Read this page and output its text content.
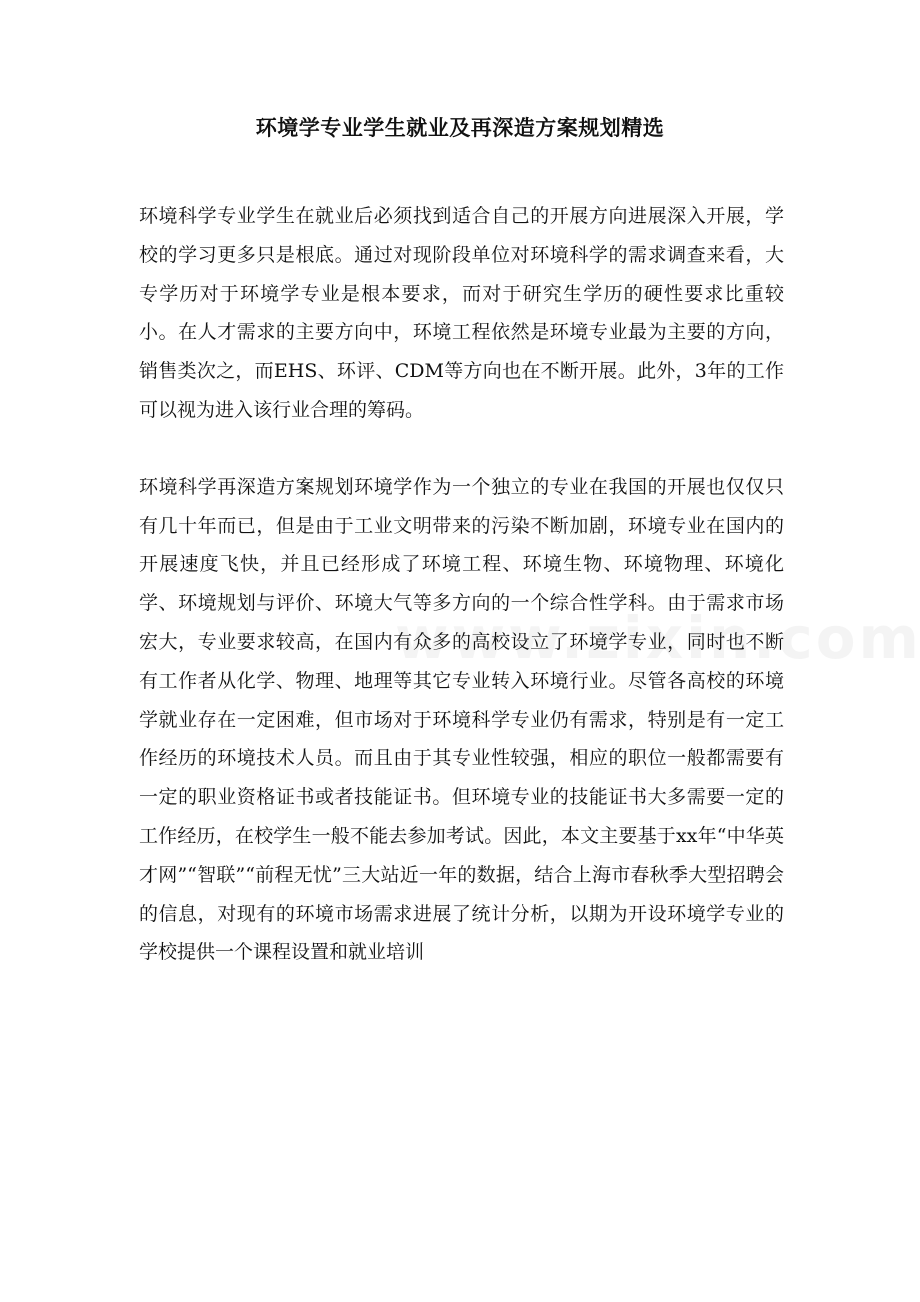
环境学专业学生就业及再深造方案规划精选

环境科学专业学生在就业后必须找到适合自己的开展方向进展深入开展，学校的学习更多只是根底。通过对现阶段单位对环境科学的需求调查来看，大专学历对于环境学专业是根本要求，而对于研究生学历的硬性要求比重较小。在人才需求的主要方向中，环境工程依然是环境专业最为主要的方向，销售类次之，而EHS、环评、CDM等方向也在不断开展。此外，3年的工作可以视为进入该行业合理的筹码。

环境科学再深造方案规划环境学作为一个独立的专业在我国的开展也仅仅只有几十年而已，但是由于工业文明带来的污染不断加剧，环境专业在国内的开展速度飞快，并且已经形成了环境工程、环境生物、环境物理、环境化学、环境规划与评价、环境大气等多方向的一个综合性学科。由于需求市场宏大，专业要求较高，在国内有众多的高校设立了环境学专业，同时也不断有工作者从化学、物理、地理等其它专业转入环境行业。尽管各高校的环境学就业存在一定困难，但市场对于环境科学专业仍有需求，特别是有一定工作经历的环境技术人员。而且由于其专业性较强，相应的职位一般都需要有一定的职业资格证书或者技能证书。但环境专业的技能证书大多需要一定的工作经历，在校学生一般不能去参加考试。因此，本文主要基于xx年“中华英才网”“智联”“前程无忧”三大站近一年的数据，结合上海市春秋季大型招聘会的信息，对现有的环境市场需求进展了统计分析，以期为开设环境学专业的学校提供一个课程设置和就业培训
